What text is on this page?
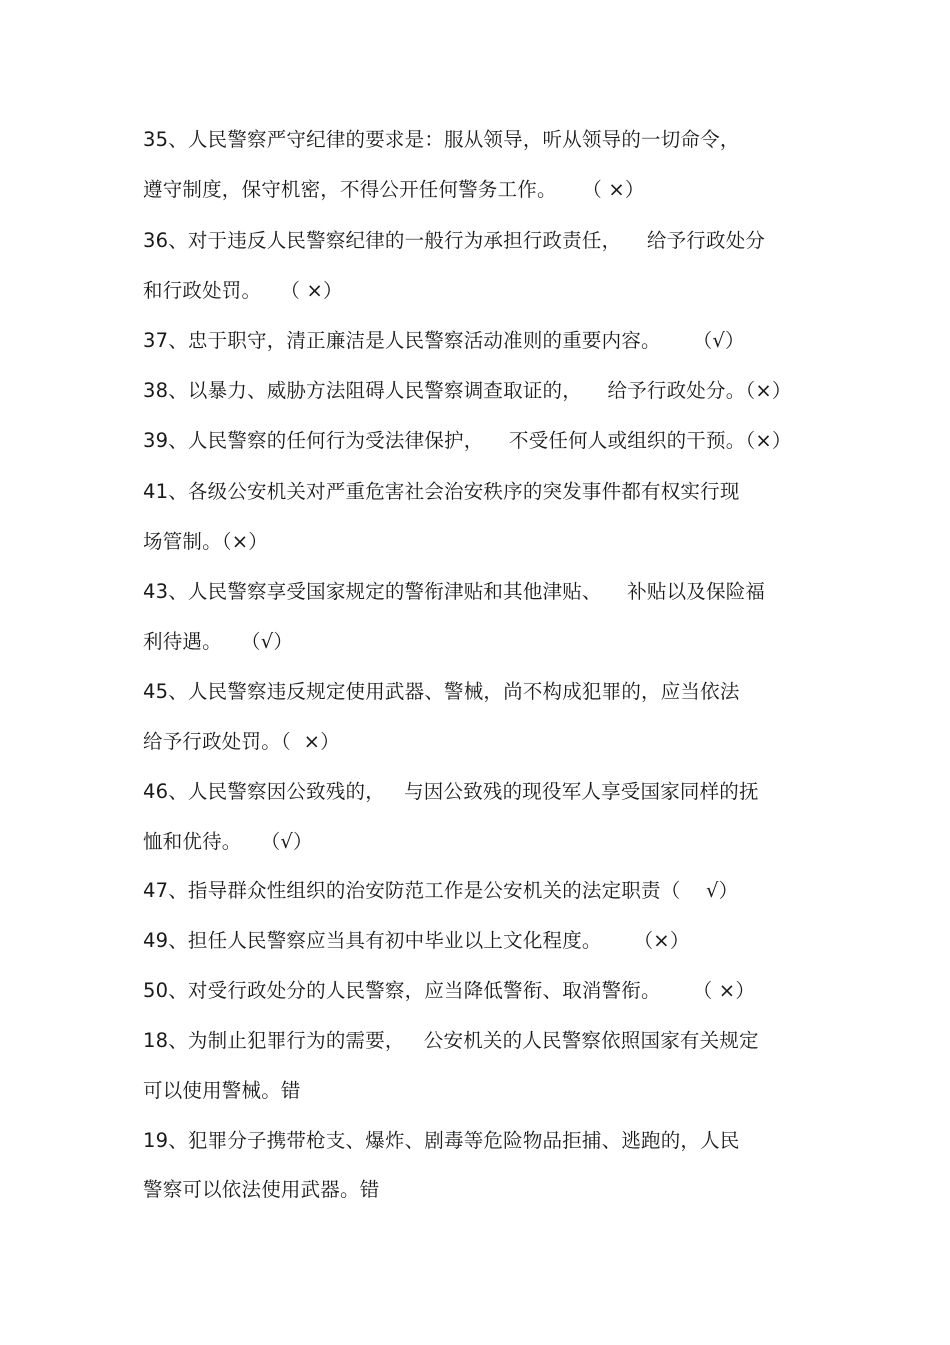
35、人民警察严守纪律的要求是：服从领导，听从领导的一切命令，
遵守制度，保守机密，不得公开任何警务工作。    （ ×）
36、对于违反人民警察纪律的一般行为承担行政责任，    给予行政处分
和行政处罚。   （ ×）
37、忠于职守，清正廉洁是人民警察活动准则的重要内容。     （√）
38、以暴力、威胁方法阻碍人民警察调查取证的，    给予行政处分。（×）
39、人民警察的任何行为受法律保护，    不受任何人或组织的干预。（×）
41、各级公安机关对严重危害社会治安秩序的突发事件都有权实行现
场管制。（×）
43、人民警察享受国家规定的警衔津贴和其他津贴、    补贴以及保险福
利待遇。   （√）
45、人民警察违反规定使用武器、警械，尚不构成犯罪的，应当依法
给予行政处罚。（  ×）
46、人民警察因公致残的，   与因公致残的现役军人享受国家同样的抚
恤和优待。   （√）
47、指导群众性组织的治安防范工作是公安机关的法定职责（    √）
49、担任人民警察应当具有初中毕业以上文化程度。     （×）
50、对受行政处分的人民警察，应当降低警衔、取消警衔。     （ ×）
18、为制止犯罪行为的需要，   公安机关的人民警察依照国家有关规定
可以使用警械。错
19、犯罪分子携带枪支、爆炸、剧毒等危险物品拒捕、逃跑的，人民
警察可以依法使用武器。错
